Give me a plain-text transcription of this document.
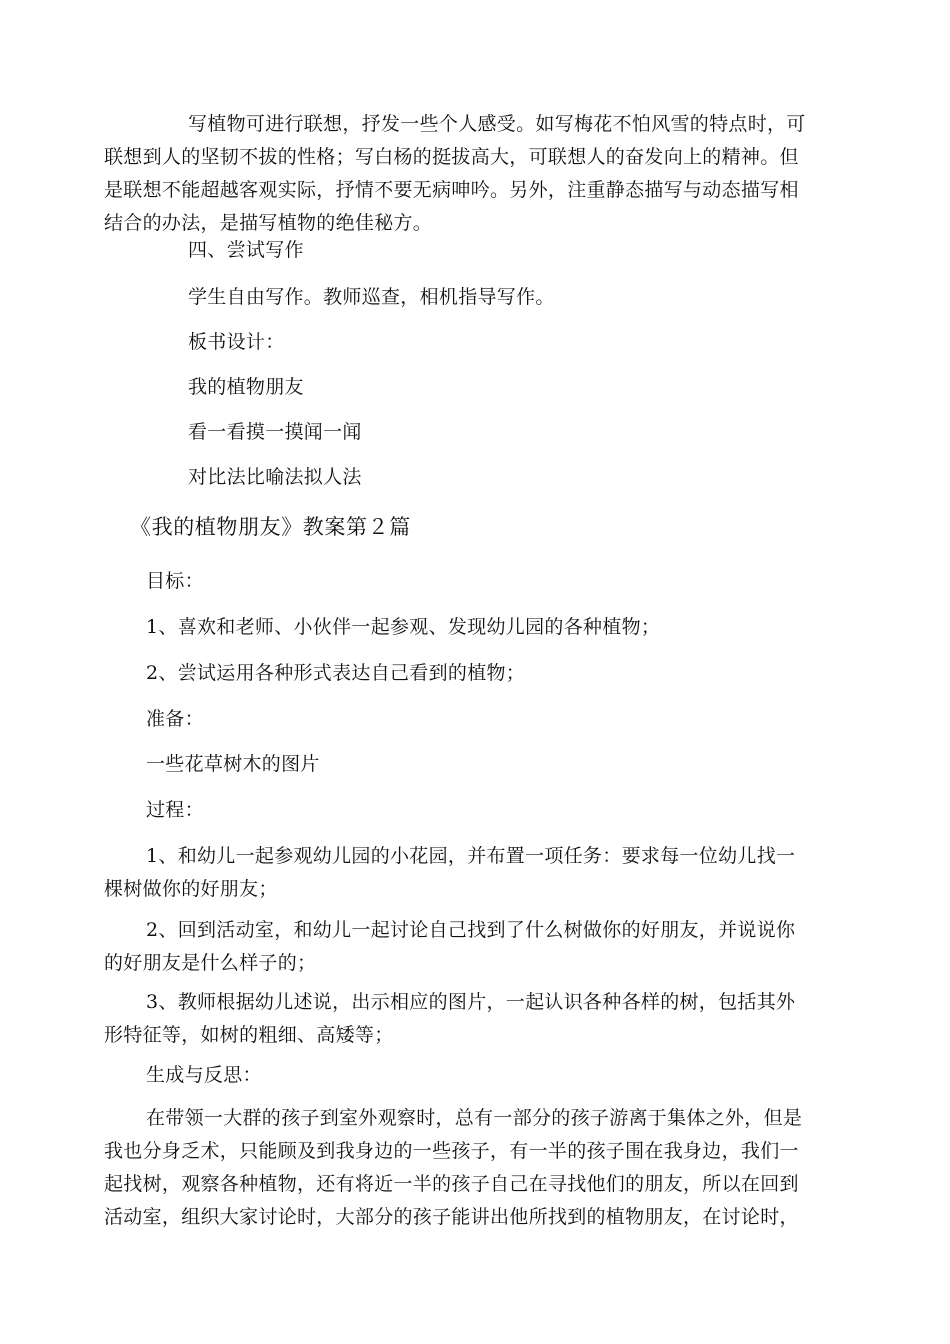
写植物可进行联想，抒发一些个人感受。如写梅花不怕风雪的特点时，可
联想到人的坚韧不拔的性格；写白杨的挺拔高大，可联想人的奋发向上的精神。但
是联想不能超越客观实际，抒情不要无病呻吟。另外，注重静态描写与动态描写相
结合的办法，是描写植物的绝佳秘方。
四、尝试写作
学生自由写作。教师巡查，相机指导写作。
板书设计：
我的植物朋友
看一看摸一摸闻一闻
对比法比喻法拟人法
《我的植物朋友》教案第２篇
目标：
1、喜欢和老师、小伙伴一起参观、发现幼儿园的各种植物；
2、尝试运用各种形式表达自己看到的植物；
准备：
一些花草树木的图片
过程：
1、和幼儿一起参观幼儿园的小花园，并布置一项任务：要求每一位幼儿找一
棵树做你的好朋友；
2、回到活动室，和幼儿一起讨论自己找到了什么树做你的好朋友，并说说你
的好朋友是什么样子的；
3、教师根据幼儿述说，出示相应的图片，一起认识各种各样的树，包括其外
形特征等，如树的粗细、高矮等；
生成与反思：
在带领一大群的孩子到室外观察时，总有一部分的孩子游离于集体之外，但是
我也分身乏术，只能顾及到我身边的一些孩子，有一半的孩子围在我身边，我们一
起找树，观察各种植物，还有将近一半的孩子自己在寻找他们的朋友，所以在回到
活动室，组织大家讨论时，大部分的孩子能讲出他所找到的植物朋友，在讨论时，
